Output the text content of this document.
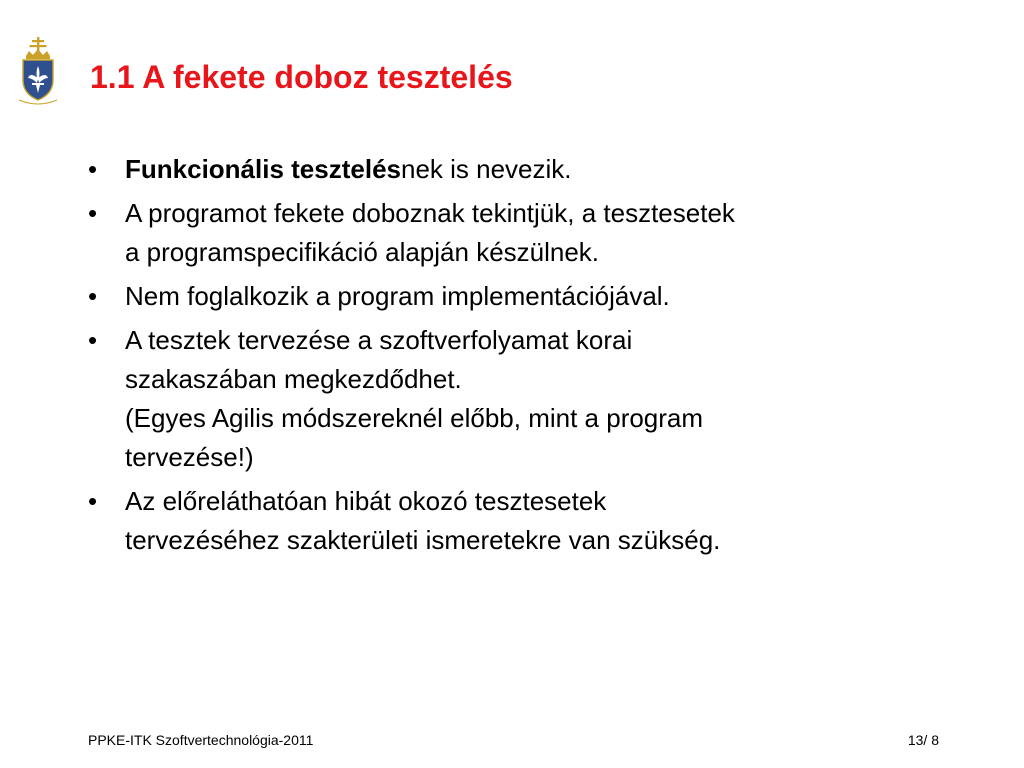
1.1 A fekete doboz tesztelés
•	Funkcionális tesztelésnek is nevezik.
•	A programot fekete doboznak tekintjük, a tesztesetek
a programspecifikáció alapján készülnek.
•	Nem foglalkozik a program implementációjával.
•	A tesztek tervezése a szoftverfolyamat korai
szakaszában megkezdődhet.
(Egyes Agilis módszereknél előbb, mint a program
tervezése!)
•	Az előreláthatóan hibát okozó tesztesetek
tervezéséhez szakterületi ismeretekre van szükség.
PPKE-ITK Szoftvertechnológia-2011	13/ 8
